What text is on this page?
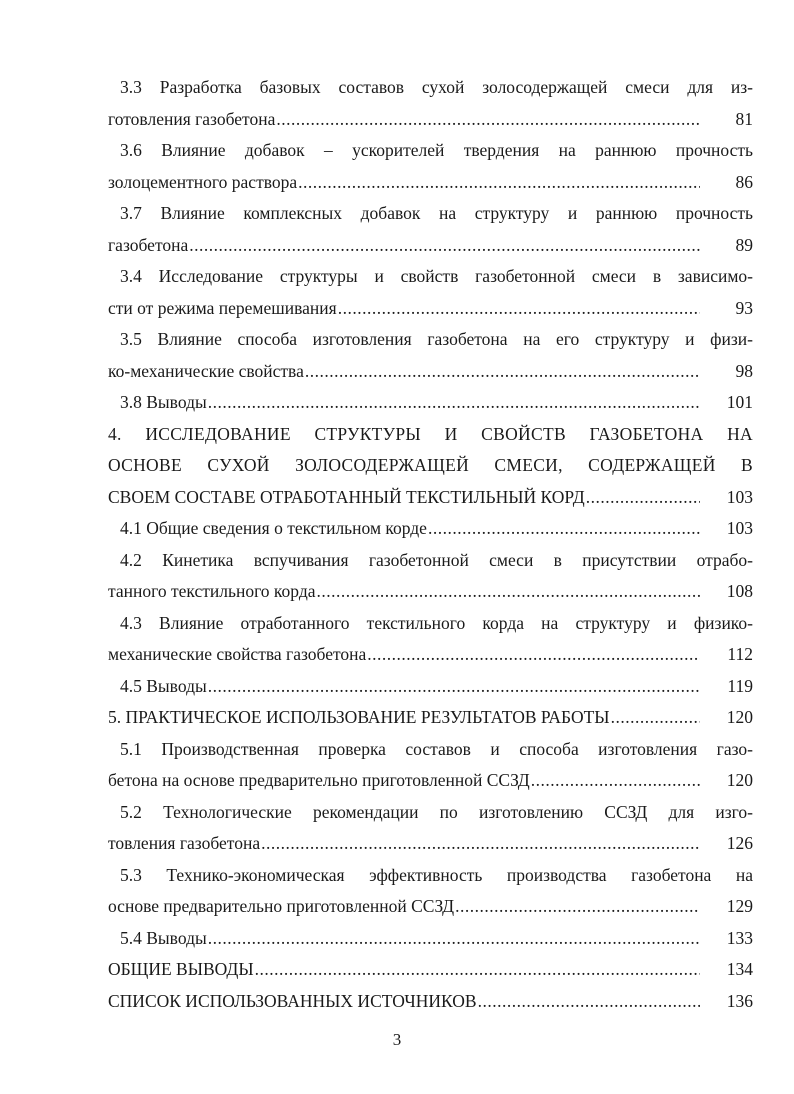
3.3 Разработка базовых составов сухой золосодержащей смеси для из-
готовления газобетона .....	81
3.6 Влияние добавок – ускорителей твердения на раннюю прочность
золоцементного раствора .....	86
3.7 Влияние комплексных добавок на структуру и раннюю прочность
газобетона .....	89
3.4 Исследование структуры и свойств газобетонной смеси в зависимо-
сти от режима перемешивания .....	93
3.5 Влияние способа изготовления газобетона на его структуру и физи-
ко-механические свойства .....	98
3.8 Выводы .....	101
4. ИССЛЕДОВАНИЕ СТРУКТУРЫ И СВОЙСТВ ГАЗОБЕТОНА НА
ОСНОВЕ СУХОЙ ЗОЛОСОДЕРЖАЩЕЙ СМЕСИ, СОДЕРЖАЩЕЙ В
СВОЕМ СОСТАВЕ ОТРАБОТАННЫЙ ТЕКСТИЛЬНЫЙ КОРД .....	103
4.1 Общие сведения о текстильном корде .....	103
4.2 Кинетика вспучивания газобетонной смеси в присутствии отрабо-
танного текстильного корда .....	108
4.3 Влияние отработанного текстильного корда на структуру и физико-
механические свойства газобетона .....	112
4.5 Выводы .....	119
5. ПРАКТИЧЕСКОЕ ИСПОЛЬЗОВАНИЕ РЕЗУЛЬТАТОВ РАБОТЫ .....	120
5.1 Производственная проверка составов и способа изготовления газо-
бетона на основе предварительно приготовленной ССЗД .....	120
5.2 Технологические рекомендации по изготовлению ССЗД для изго-
товления газобетона .....	126
5.3 Технико-экономическая эффективность производства газобетона на
основе предварительно приготовленной ССЗД .....	129
5.4 Выводы .....	133
ОБЩИЕ ВЫВОДЫ .....	134
СПИСОК ИСПОЛЬЗОВАННЫХ ИСТОЧНИКОВ .....	136
3
